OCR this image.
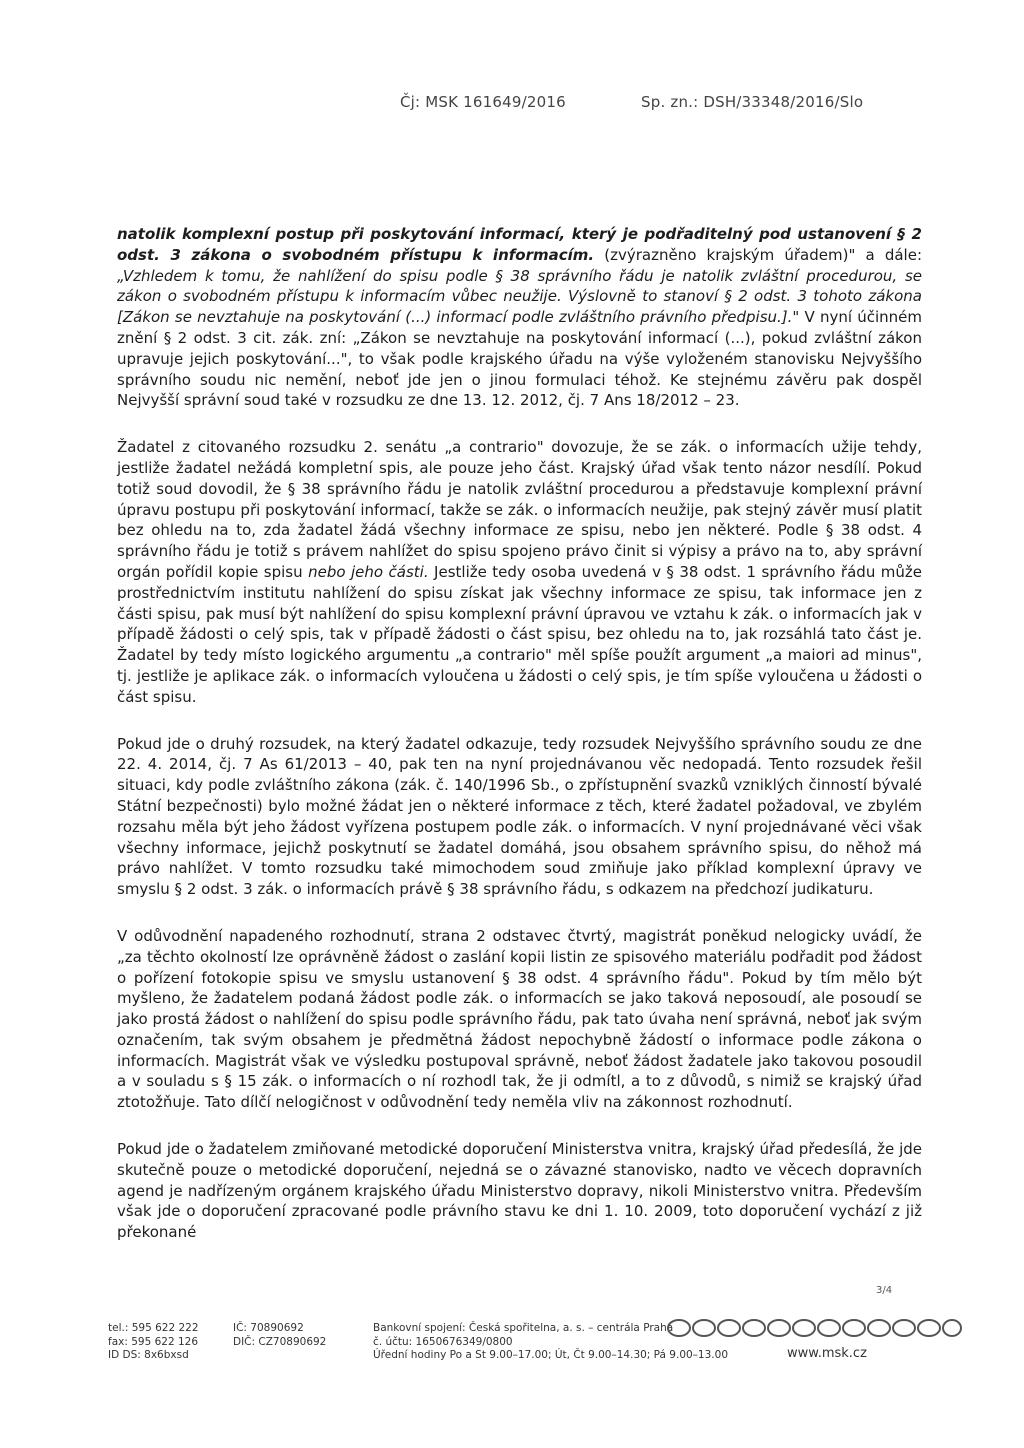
Čj: MSK 161649/2016	Sp. zn.: DSH/33348/2016/Slo

natolik komplexní postup při poskytování informací, který je podřaditelný pod ustanovení § 2 odst. 3 zákona o svobodném přístupu k informacím. (zvýrazněno krajským úřadem)" a dále: „Vzhledem k tomu, že nahlížení do spisu podle § 38 správního řádu je natolik zvláštní procedurou, se zákon o svobodném přístupu k informacím vůbec neužije. Výslovně to stanoví § 2 odst. 3 tohoto zákona [Zákon se nevztahuje na poskytování (...) informací podle zvláštního právního předpisu.]." V nyní účinném znění § 2 odst. 3 cit. zák. zní: „Zákon se nevztahuje na poskytování informací (...), pokud zvláštní zákon upravuje jejich poskytování...", to však podle krajského úřadu na výše vyloženém stanovisku Nejvyššího správního soudu nic nemění, neboť jde jen o jinou formulaci téhož. Ke stejnému závěru pak dospěl Nejvyšší správní soud také v rozsudku ze dne 13. 12. 2012, čj. 7 Ans 18/2012 – 23.

Žadatel z citovaného rozsudku 2. senátu „a contrario" dovozuje, že se zák. o informacích užije tehdy, jestliže žadatel nežádá kompletní spis, ale pouze jeho část. Krajský úřad však tento názor nesdílí. Pokud totiž soud dovodil, že § 38 správního řádu je natolik zvláštní procedurou a představuje komplexní právní úpravu postupu při poskytování informací, takže se zák. o informacích neužije, pak stejný závěr musí platit bez ohledu na to, zda žadatel žádá všechny informace ze spisu, nebo jen některé. Podle § 38 odst. 4 správního řádu je totiž s právem nahlížet do spisu spojeno právo činit si výpisy a právo na to, aby správní orgán pořídil kopie spisu nebo jeho části. Jestliže tedy osoba uvedená v § 38 odst. 1 správního řádu může prostřednictvím institutu nahlížení do spisu získat jak všechny informace ze spisu, tak informace jen z části spisu, pak musí být nahlížení do spisu komplexní právní úpravou ve vztahu k zák. o informacích jak v případě žádosti o celý spis, tak v případě žádosti o část spisu, bez ohledu na to, jak rozsáhlá tato část je. Žadatel by tedy místo logického argumentu „a contrario" měl spíše použít argument „a maiori ad minus", tj. jestliže je aplikace zák. o informacích vyloučena u žádosti o celý spis, je tím spíše vyloučena u žádosti o část spisu.

Pokud jde o druhý rozsudek, na který žadatel odkazuje, tedy rozsudek Nejvyššího správního soudu ze dne 22. 4. 2014, čj. 7 As 61/2013 – 40, pak ten na nyní projednávanou věc nedopadá. Tento rozsudek řešil situaci, kdy podle zvláštního zákona (zák. č. 140/1996 Sb., o zpřístupnění svazků vzniklých činností bývalé Státní bezpečnosti) bylo možné žádat jen o některé informace z těch, které žadatel požadoval, ve zbylém rozsahu měla být jeho žádost vyřízena postupem podle zák. o informacích. V nyní projednávané věci však všechny informace, jejichž poskytnutí se žadatel domáhá, jsou obsahem správního spisu, do něhož má právo nahlížet. V tomto rozsudku také mimochodem soud zmiňuje jako příklad komplexní úpravy ve smyslu § 2 odst. 3 zák. o informacích právě § 38 správního řádu, s odkazem na předchozí judikaturu.

V odůvodnění napadeného rozhodnutí, strana 2 odstavec čtvrtý, magistrát poněkud nelogicky uvádí, že „za těchto okolností lze oprávněně žádost o zaslání kopii listin ze spisového materiálu podřadit pod žádost o pořízení fotokopie spisu ve smyslu ustanovení § 38 odst. 4 správního řádu". Pokud by tím mělo být myšleno, že žadatelem podaná žádost podle zák. o informacích se jako taková neposoudí, ale posoudí se jako prostá žádost o nahlížení do spisu podle správního řádu, pak tato úvaha není správná, neboť jak svým označením, tak svým obsahem je předmětná žádost nepochybně žádostí o informace podle zákona o informacích. Magistrát však ve výsledku postupoval správně, neboť žádost žadatele jako takovou posoudil a v souladu s § 15 zák. o informacích o ní rozhodl tak, že ji odmítl, a to z důvodů, s nimiž se krajský úřad ztotožňuje. Tato dílčí nelogičnost v odůvodnění tedy neměla vliv na zákonnost rozhodnutí.

Pokud jde o žadatelem zmiňované metodické doporučení Ministerstva vnitra, krajský úřad předesílá, že jde skutečně pouze o metodické doporučení, nejedná se o závazné stanovisko, nadto ve věcech dopravních agend je nadřízeným orgánem krajského úřadu Ministerstvo dopravy, nikoli Ministerstvo vnitra. Především však jde o doporučení zpracované podle právního stavu ke dni 1. 10. 2009, toto doporučení vychází z již překonané

3/4
tel.: 595 622 222
fax: 595 622 126
ID DS: 8x6bxsd
IČ: 70890692
DIČ: CZ70890692
Bankovní spojení: Česká spořitelna, a. s. – centrála Praha
č. účtu: 1650676349/0800
Úřední hodiny Po a St 9.00–17.00; Út, Čt 9.00–14.30; Pá 9.00–13.00	www.msk.cz
